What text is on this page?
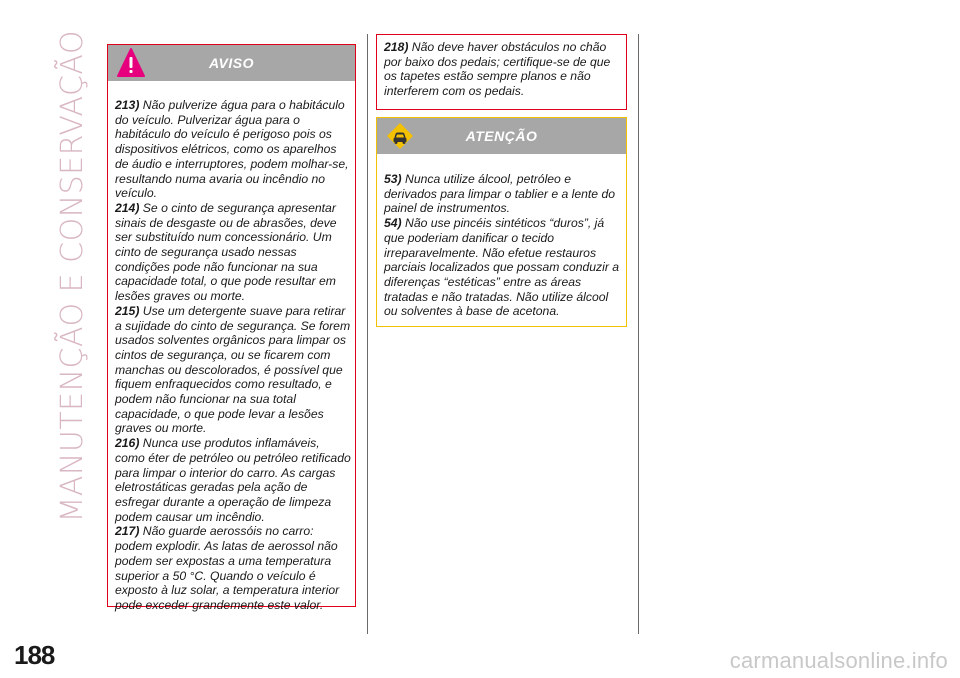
MANUTENÇÃO E CONSERVAÇÃO
188
AVISO

213) Não pulverize água para o habitáculo do veículo. Pulverizar água para o habitáculo do veículo é perigoso pois os dispositivos elétricos, como os aparelhos de áudio e interruptores, podem molhar-se, resultando numa avaria ou incêndio no veículo.

214) Se o cinto de segurança apresentar sinais de desgaste ou de abrasões, deve ser substituído num concessionário. Um cinto de segurança usado nessas condições pode não funcionar na sua capacidade total, o que pode resultar em lesões graves ou morte.

215) Use um detergente suave para retirar a sujidade do cinto de segurança. Se forem usados solventes orgânicos para limpar os cintos de segurança, ou se ficarem com manchas ou descolorados, é possível que fiquem enfraquecidos como resultado, e podem não funcionar na sua total capacidade, o que pode levar a lesões graves ou morte.

216) Nunca use produtos inflamáveis, como éter de petróleo ou petróleo retificado para limpar o interior do carro. As cargas eletrostáticas geradas pela ação de esfregar durante a operação de limpeza podem causar um incêndio.

217) Não guarde aerossóis no carro: podem explodir. As latas de aerossol não podem ser expostas a uma temperatura superior a 50 °C. Quando o veículo é exposto à luz solar, a temperatura interior pode exceder grandemente este valor.

218) Não deve haver obstáculos no chão por baixo dos pedais; certifique-se de que os tapetes estão sempre planos e não interferem com os pedais.

ATENÇÃO

53) Nunca utilize álcool, petróleo e derivados para limpar o tablier e a lente do painel de instrumentos.

54) Não use pincéis sintéticos “duros”, já que poderiam danificar o tecido irreparavelmente. Não efetue restauros parciais localizados que possam conduzir a diferenças “estéticas” entre as áreas tratadas e não tratadas. Não utilize álcool ou solventes à base de acetona.

carmanualsonline.info
